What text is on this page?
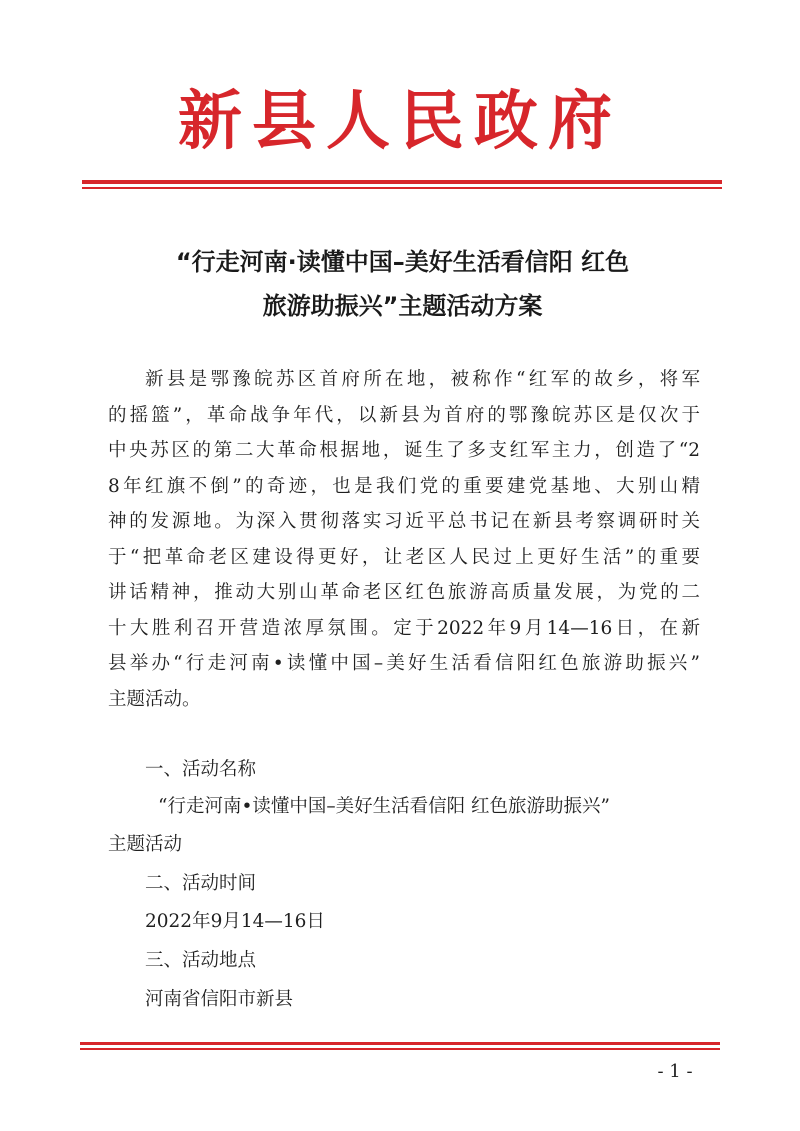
新县人民政府
“行走河南·读懂中国–美好生活看信阳 红色
旅游助振兴”主题活动方案
新县是鄂豫皖苏区首府所在地，被称作“红军的故乡，将军
的摇篮”，革命战争年代，以新县为首府的鄂豫皖苏区是仅次于
中央苏区的第二大革命根据地，诞生了多支红军主力，创造了“2
8年红旗不倒”的奇迹，也是我们党的重要建党基地、大别山精
神的发源地。为深入贯彻落实习近平总书记在新县考察调研时关
于“把革命老区建设得更好，让老区人民过上更好生活”的重要
讲话精神，推动大别山革命老区红色旅游高质量发展，为党的二
十大胜利召开营造浓厚氛围。定于2022年9月14—16日，在新
县举办“行走河南•读懂中国–美好生活看信阳红色旅游助振兴”
主题活动。
一、活动名称
“行走河南•读懂中国–美好生活看信阳 红色旅游助振兴”
主题活动
二、活动时间
2022年9月14—16日
三、活动地点
河南省信阳市新县
- 1 -
